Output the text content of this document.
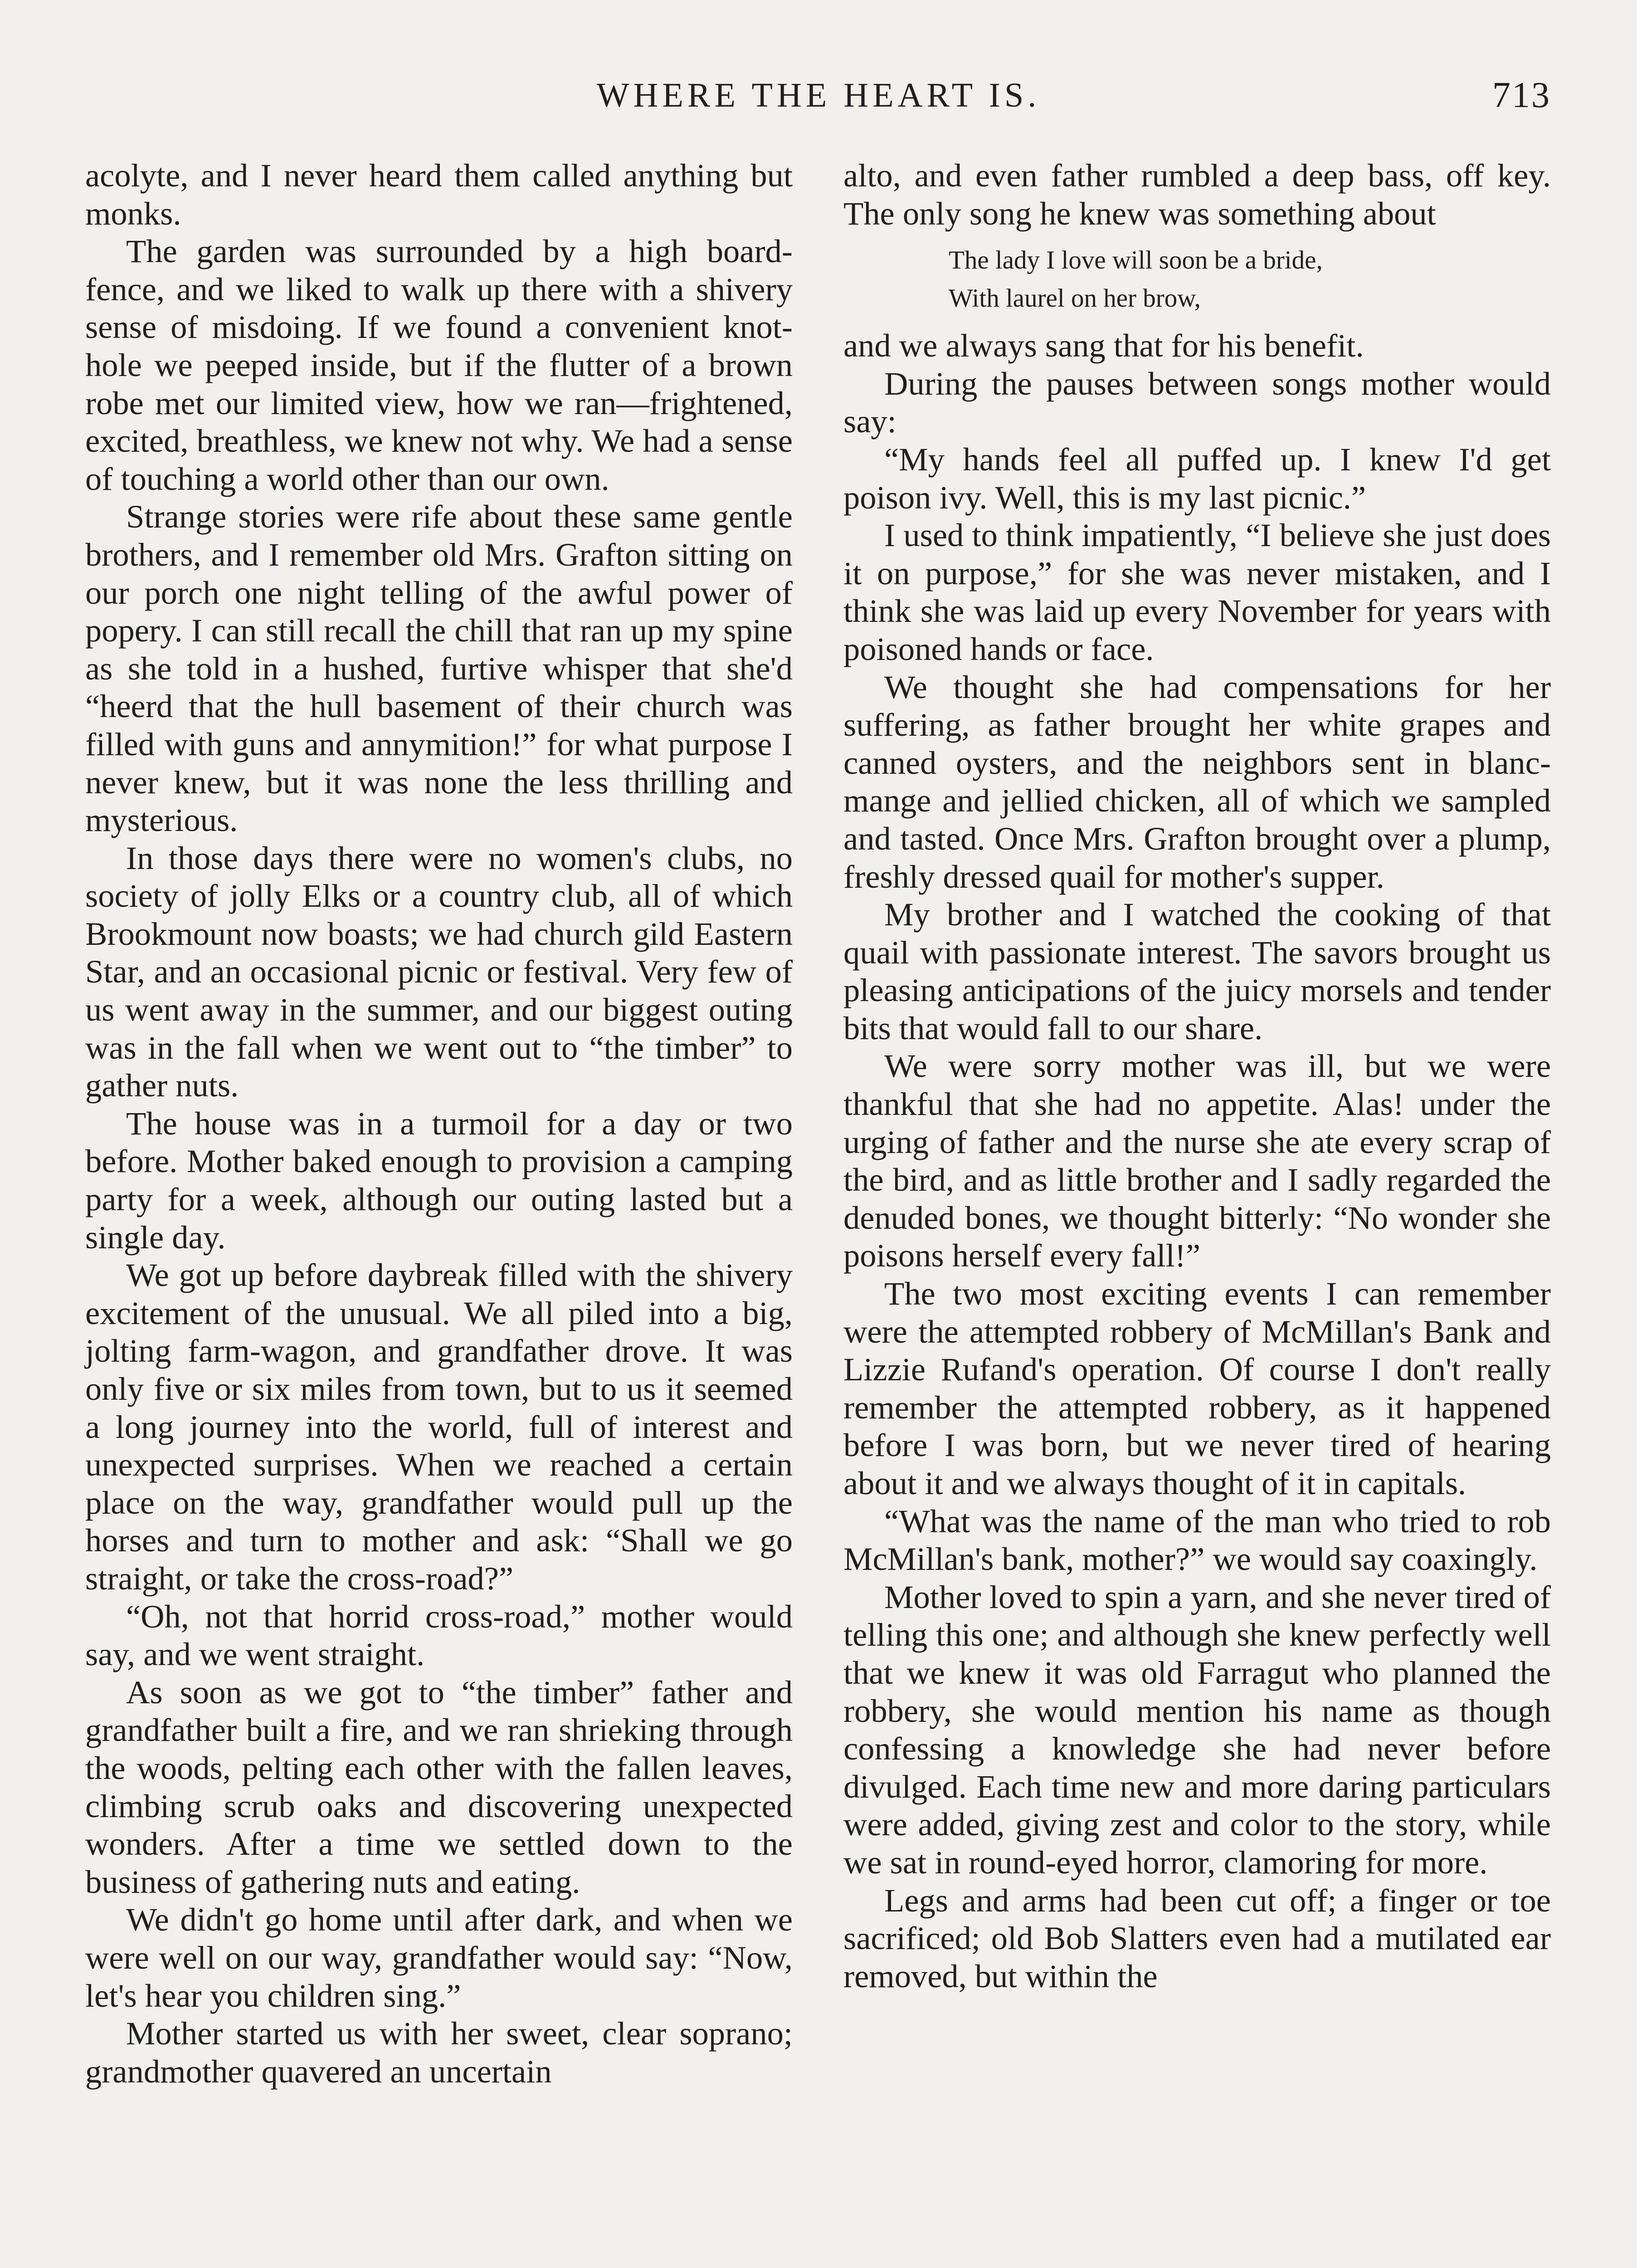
WHERE THE HEART IS.	713

acolyte, and I never heard them called anything but monks.

The garden was surrounded by a high board-fence, and we liked to walk up there with a shivery sense of misdoing. If we found a convenient knot-hole we peeped inside, but if the flutter of a brown robe met our limited view, how we ran—frightened, excited, breathless, we knew not why. We had a sense of touching a world other than our own.

Strange stories were rife about these same gentle brothers, and I remember old Mrs. Grafton sitting on our porch one night telling of the awful power of popery. I can still recall the chill that ran up my spine as she told in a hushed, furtive whisper that she'd “heerd that the hull basement of their church was filled with guns and annymition!” for what purpose I never knew, but it was none the less thrilling and mysterious.

In those days there were no women's clubs, no society of jolly Elks or a country club, all of which Brookmount now boasts; we had church gild Eastern Star, and an occasional picnic or festival. Very few of us went away in the summer, and our biggest outing was in the fall when we went out to “the timber” to gather nuts.

The house was in a turmoil for a day or two before. Mother baked enough to provision a camping party for a week, although our outing lasted but a single day.

We got up before daybreak filled with the shivery excitement of the unusual. We all piled into a big, jolting farm-wagon, and grandfather drove. It was only five or six miles from town, but to us it seemed a long journey into the world, full of interest and unexpected surprises. When we reached a certain place on the way, grandfather would pull up the horses and turn to mother and ask: “Shall we go straight, or take the cross-road?”

“Oh, not that horrid cross-road,” mother would say, and we went straight.

As soon as we got to “the timber” father and grandfather built a fire, and we ran shrieking through the woods, pelting each other with the fallen leaves, climbing scrub oaks and discovering unexpected wonders. After a time we settled down to the business of gathering nuts and eating.

We didn't go home until after dark, and when we were well on our way, grandfather would say: “Now, let's hear you children sing.”

Mother started us with her sweet, clear soprano; grandmother quavered an uncertain

alto, and even father rumbled a deep bass, off key. The only song he knew was something about

The lady I love will soon be a bride,
With laurel on her brow,

and we always sang that for his benefit.

During the pauses between songs mother would say:

“My hands feel all puffed up. I knew I'd get poison ivy. Well, this is my last picnic.”

I used to think impatiently, “I believe she just does it on purpose,” for she was never mistaken, and I think she was laid up every November for years with poisoned hands or face.

We thought she had compensations for her suffering, as father brought her white grapes and canned oysters, and the neighbors sent in blanc-mange and jellied chicken, all of which we sampled and tasted. Once Mrs. Grafton brought over a plump, freshly dressed quail for mother's supper.

My brother and I watched the cooking of that quail with passionate interest. The savors brought us pleasing anticipations of the juicy morsels and tender bits that would fall to our share.

We were sorry mother was ill, but we were thankful that she had no appetite. Alas! under the urging of father and the nurse she ate every scrap of the bird, and as little brother and I sadly regarded the denuded bones, we thought bitterly: “No wonder she poisons herself every fall!”

The two most exciting events I can remember were the attempted robbery of McMillan's Bank and Lizzie Rufand's operation. Of course I don't really remember the attempted robbery, as it happened before I was born, but we never tired of hearing about it and we always thought of it in capitals.

“What was the name of the man who tried to rob McMillan's bank, mother?” we would say coaxingly.

Mother loved to spin a yarn, and she never tired of telling this one; and although she knew perfectly well that we knew it was old Farragut who planned the robbery, she would mention his name as though confessing a knowledge she had never before divulged. Each time new and more daring particulars were added, giving zest and color to the story, while we sat in round-eyed horror, clamoring for more.

Legs and arms had been cut off; a finger or toe sacrificed; old Bob Slatters even had a mutilated ear removed, but within the
